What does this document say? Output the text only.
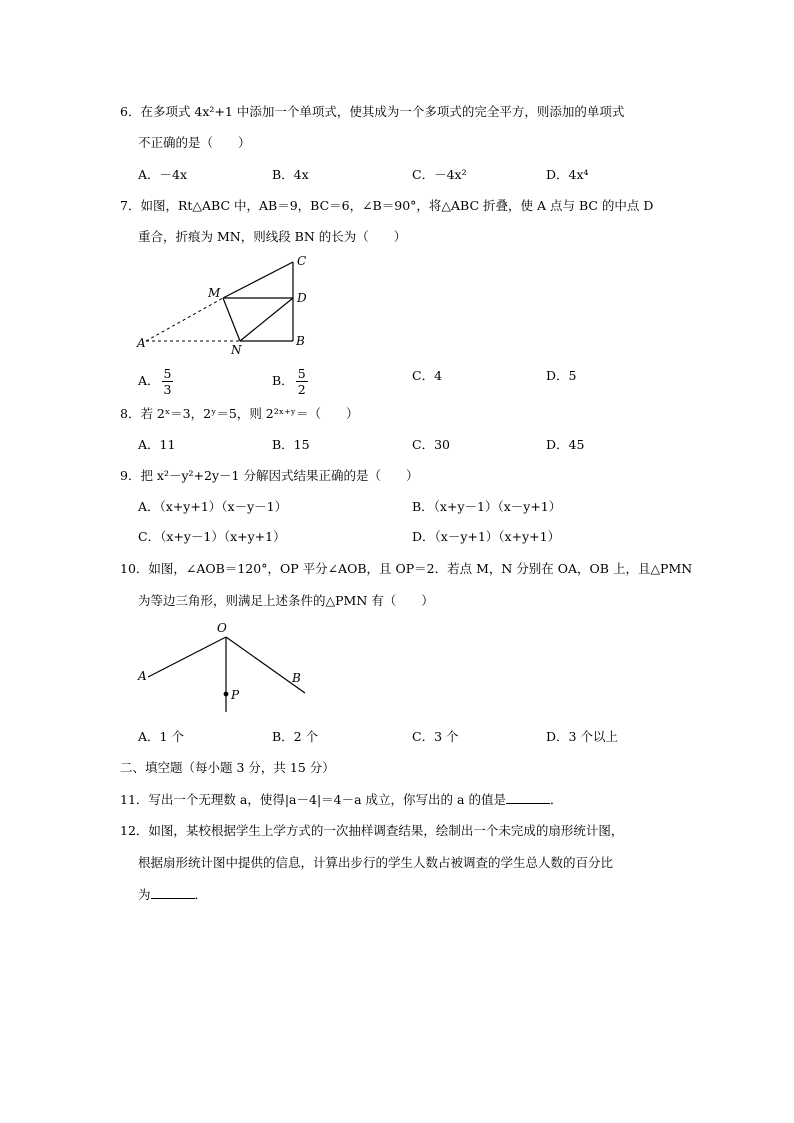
6．在多项式 4x²+1 中添加一个单项式，使其成为一个多项式的完全平方，则添加的单项式
不正确的是（　　）
A．－4x	B．4x	C．－4x²	D．4x⁴
7．如图，Rt△ABC 中，AB＝9，BC＝6，∠B＝90°，将△ABC 折叠，使 A 点与 BC 的中点 D
重合，折痕为 MN，则线段 BN 的长为（　　）
C
M	D
A	N
B
A． $\frac{5}{3}$	B． $\frac{5}{2}$	C．4	D．5
8．若 2ˣ＝3，2ʸ＝5，则 2²ˣ⁺ʸ＝（　　）
A．11	B．15	C．30	D．45
9．把 x²－y²+2y－1 分解因式结果正确的是（　　）
A．（x+y+1）（x－y－1）	B．（x+y－1）（x－y+1）
C．（x+y－1）（x+y+1）	D．（x－y+1）（x+y+1）
10．如图，∠AOB＝120°，OP 平分∠AOB，且 OP＝2．若点 M，N 分别在 OA，OB 上，且△PMN
为等边三角形，则满足上述条件的△PMN 有（　　）
O
A	B
P
A．1 个	B．2 个	C．3 个	D．3 个以上
二、填空题（每小题 3 分，共 15 分）
11．写出一个无理数 a，使得|a－4|＝4－a 成立，你写出的 a 的值是	．
12．如图，某校根据学生上学方式的一次抽样调查结果，绘制出一个未完成的扇形统计图，
根据扇形统计图中提供的信息，计算出步行的学生人数占被调查的学生总人数的百分比
为	．
